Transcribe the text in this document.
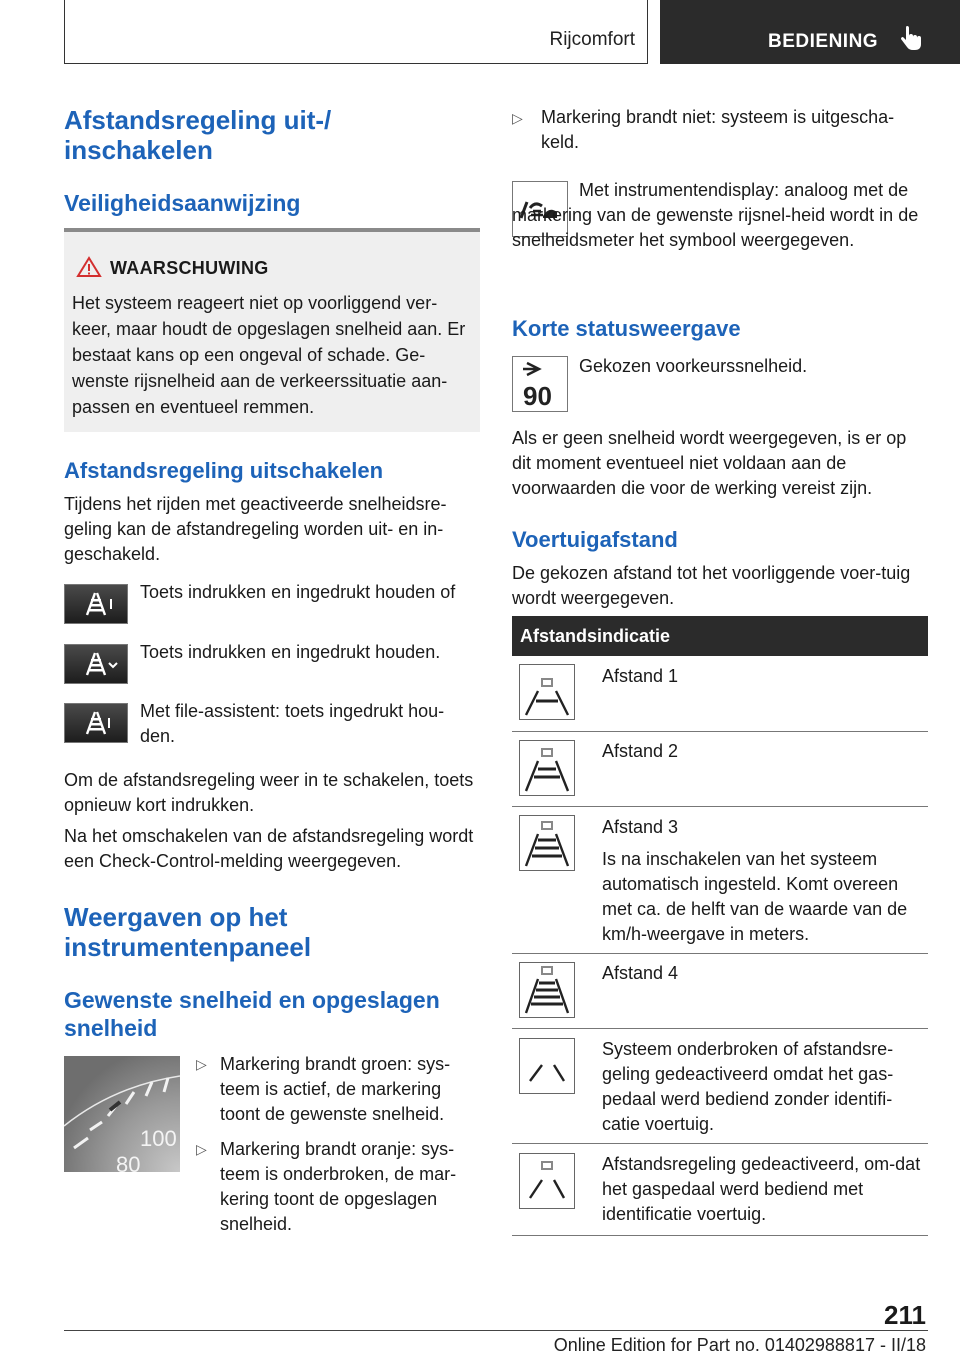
Rijcomfort	BEDIENING
Afstandsregeling uit-/
inschakelen
Veiligheidsaanwijzing
WAARSCHUWING
Het systeem reageert niet op voorliggend ver-keer, maar houdt de opgeslagen snelheid aan. Er bestaat kans op een ongeval of schade. Ge-wenste rijsnelheid aan de verkeerssituatie aan-passen en eventueel remmen.
Afstandsregeling uitschakelen
Tijdens het rijden met geactiveerde snelheidsre-geling kan de afstandregeling worden uit- en in-geschakeld.
Toets indrukken en ingedrukt houden of
Toets indrukken en ingedrukt houden.
Met file-assistent: toets ingedrukt hou-den.
Om de afstandsregeling weer in te schakelen, toets opnieuw kort indrukken.
Na het omschakelen van de afstandsregeling wordt een Check-Control-melding weergegeven.
Weergaven op het
instrumentenpaneel
Gewenste snelheid en opgeslagen
snelheid
100
80
▷ Markering brandt groen: sys-teem is actief, de markering toont de gewenste snelheid.
▷ Markering brandt oranje: sys-teem is onderbroken, de mar-kering toont de opgeslagen snelheid.
▷ Markering brandt niet: systeem is uitgescha-keld.
Met instrumentendisplay: analoog met de markering van de gewenste rijsnel-heid wordt in de snelheidsmeter het symbool weergegeven.
Korte statusweergave
90
Gekozen voorkeurssnelheid.
Als er geen snelheid wordt weergegeven, is er op dit moment eventueel niet voldaan aan de voorwaarden die voor de werking vereist zijn.
Voertuigafstand
De gekozen afstand tot het voorliggende voer-tuig wordt weergegeven.
Afstandsindicatie
Afstand 1
Afstand 2
Afstand 3
Is na inschakelen van het systeem automatisch ingesteld. Komt overeen met ca. de helft van de waarde van de km/h-weergave in meters.
Afstand 4
Systeem onderbroken of afstandsre-geling gedeactiveerd omdat het gas-pedaal werd bediend zonder identifi-catie voertuig.
Afstandsregeling gedeactiveerd, om-dat het gaspedaal werd bediend met identificatie voertuig.
211
Online Edition for Part no. 01402988817 - II/18
